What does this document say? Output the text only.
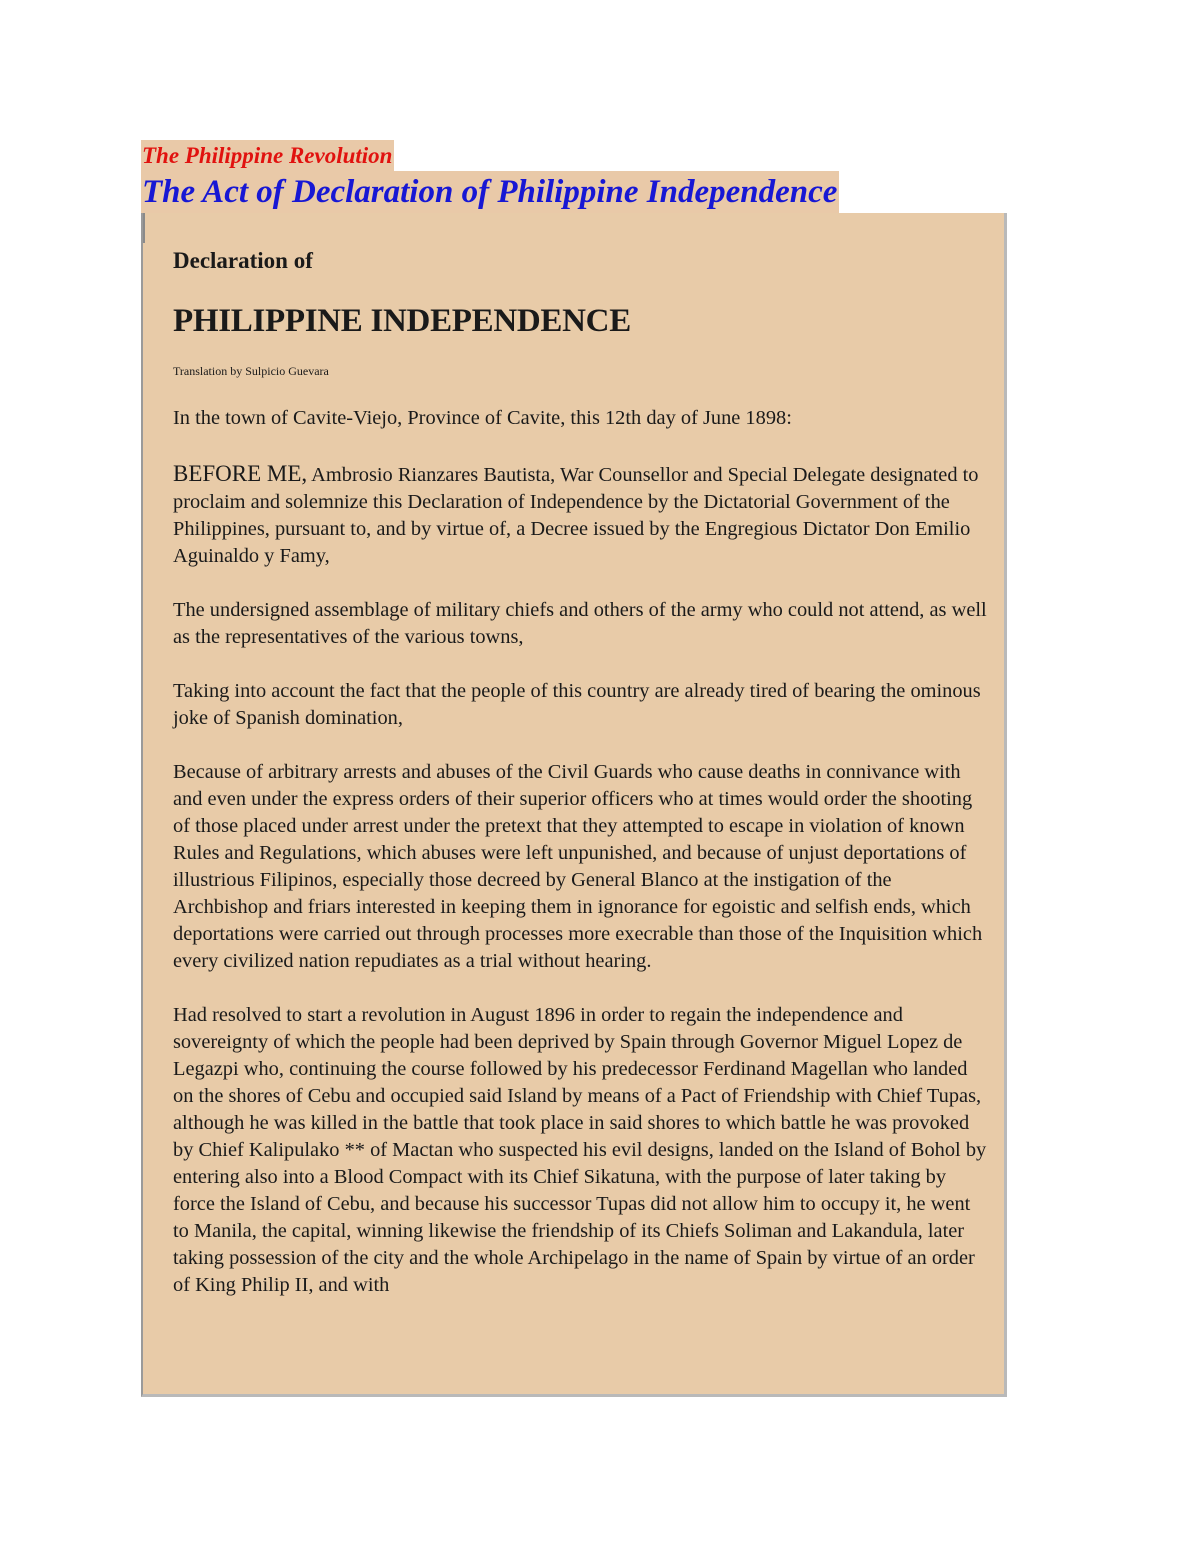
The Philippine Revolution
The Act of Declaration of Philippine Independence

Declaration of

PHILIPPINE INDEPENDENCE

Translation by Sulpicio Guevara

In the town of Cavite-Viejo, Province of Cavite, this 12th day of June 1898:

BEFORE ME, Ambrosio Rianzares Bautista, War Counsellor and Special Delegate designated to proclaim and solemnize this Declaration of Independence by the Dictatorial Government of the Philippines, pursuant to, and by virtue of, a Decree issued by the Engregious Dictator Don Emilio Aguinaldo y Famy,

The undersigned assemblage of military chiefs and others of the army who could not attend, as well as the representatives of the various towns,

Taking into account the fact that the people of this country are already tired of bearing the ominous joke of Spanish domination,

Because of arbitrary arrests and abuses of the Civil Guards who cause deaths in connivance with and even under the express orders of their superior officers who at times would order the shooting of those placed under arrest under the pretext that they attempted to escape in violation of known Rules and Regulations, which abuses were left unpunished, and because of unjust deportations of illustrious Filipinos, especially those decreed by General Blanco at the instigation of the Archbishop and friars interested in keeping them in ignorance for egoistic and selfish ends, which deportations were carried out through processes more execrable than those of the Inquisition which every civilized nation repudiates as a trial without hearing.

Had resolved to start a revolution in August 1896 in order to regain the independence and sovereignty of which the people had been deprived by Spain through Governor Miguel Lopez de Legazpi who, continuing the course followed by his predecessor Ferdinand Magellan who landed on the shores of Cebu and occupied said Island by means of a Pact of Friendship with Chief Tupas, although he was killed in the battle that took place in said shores to which battle he was provoked by Chief Kalipulako ** of Mactan who suspected his evil designs, landed on the Island of Bohol by entering also into a Blood Compact with its Chief Sikatuna, with the purpose of later taking by force the Island of Cebu, and because his successor Tupas did not allow him to occupy it, he went to Manila, the capital, winning likewise the friendship of its Chiefs Soliman and Lakandula, later taking possession of the city and the whole Archipelago in the name of Spain by virtue of an order of King Philip II, and with
